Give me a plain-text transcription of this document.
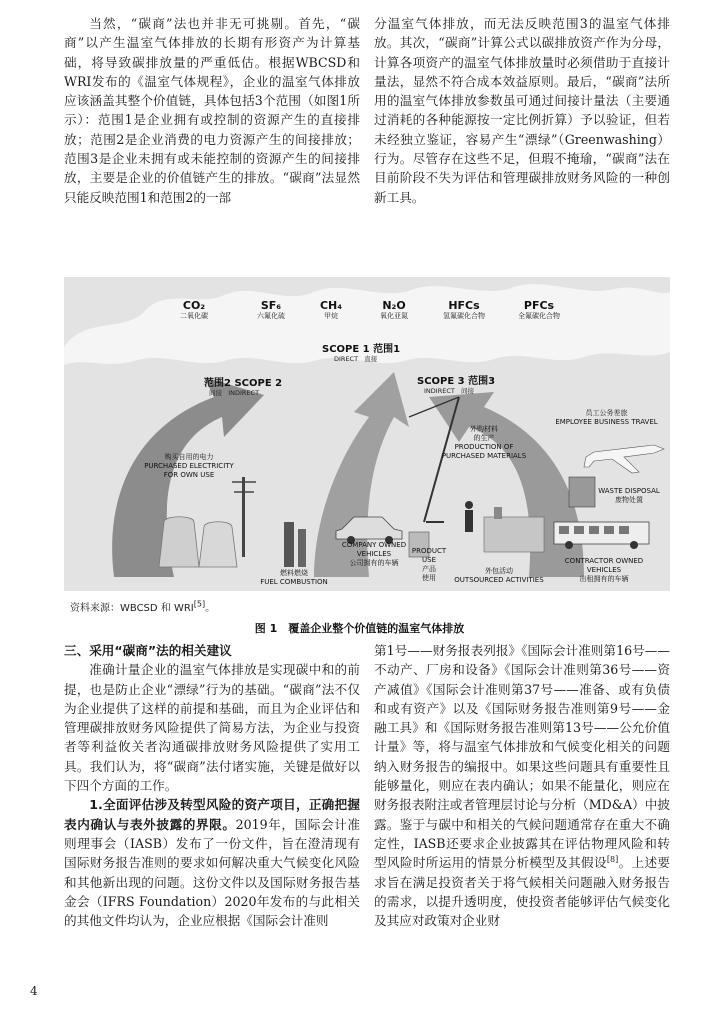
当然，“碳商”法也并非无可挑剔。首先，“碳商”以产生温室气体排放的长期有形资产为计算基础，将导致碳排放量的严重低估。根据WBCSD和WRI发布的《温室气体规程》，企业的温室气体排放应该涵盖其整个价值链，具体包括3个范围（如图1所示）：范围1是企业拥有或控制的资源产生的直接排放；范围2是企业消费的电力资源产生的间接排放；范围3是企业未拥有或未能控制的资源产生的间接排放，主要是企业的价值链产生的排放。“碳商”法显然只能反映范围1和范围2的一部

分温室气体排放，而无法反映范围3的温室气体排放。其次，“碳商”计算公式以碳排放资产作为分母，计算各项资产的温室气体排放量时必须借助于直接计量法，显然不符合成本效益原则。最后，“碳商”法所用的温室气体排放参数虽可通过间接计量法（主要通过消耗的各种能源按一定比例折算）予以验证，但若未经独立鉴证，容易产生“漂绿”（Greenwashing）行为。尽管存在这些不足，但瑕不掩瑜，“碳商”法在目前阶段不失为评估和管理碳排放财务风险的一种创新工具。

CO₂
二氧化碳
SF₆
六氟化硫
CH₄
甲烷
N₂O
氧化亚氮
HFCs
氢氟碳化合物
PFCs
全氟碳化合物
SCOPE 1 范围1
DIRECT 直接
范围2 SCOPE 2
间接 INDIRECT
SCOPE 3 范围3
INDIRECT 间接
购买自用的电力
PURCHASED ELECTRICITY
FOR OWN USE
燃料燃烧
FUEL COMBUSTION
COMPANY OWNED
VEHICLES
公司拥有的车辆
PRODUCT
USE
产品
使用
外购材料
的生产
PRODUCTION OF
PURCHASED MATERIALS
外包活动
OUTSOURCED ACTIVITIES
员工公务差旅
EMPLOYEE BUSINESS TRAVEL
WASTE DISPOSAL
废物处置
CONTRACTOR OWNED
VEHICLES
出租拥有的车辆
资料来源：WBCSD 和 WRI[5]。
图 1　覆盖企业整个价值链的温室气体排放

三、采用“碳商”法的相关建议

准确计量企业的温室气体排放是实现碳中和的前提，也是防止企业“漂绿”行为的基础。“碳商”法不仅为企业提供了这样的前提和基础，而且为企业评估和管理碳排放财务风险提供了简易方法，为企业与投资者等利益攸关者沟通碳排放财务风险提供了实用工具。我们认为，将“碳商”法付诸实施，关键是做好以下四个方面的工作。

1.全面评估涉及转型风险的资产项目，正确把握表内确认与表外披露的界限。2019年，国际会计准则理事会（IASB）发布了一份文件，旨在澄清现有国际财务报告准则的要求如何解决重大气候变化风险和其他新出现的问题。这份文件以及国际财务报告基金会（IFRS Foundation）2020年发布的与此相关的其他文件均认为，企业应根据《国际会计准则

第1号——财务报表列报》《国际会计准则第16号——不动产、厂房和设备》《国际会计准则第36号——资产减值》《国际会计准则第37号——准备、或有负债和或有资产》以及《国际财务报告准则第9号——金融工具》和《国际财务报告准则第13号——公允价值计量》等，将与温室气体排放和气候变化相关的问题纳入财务报告的编报中。如果这些问题具有重要性且能够量化，则应在表内确认；如果不能量化，则应在财务报表附注或者管理层讨论与分析（MD&A）中披露。鉴于与碳中和相关的气候问题通常存在重大不确定性，IASB还要求企业披露其在评估物理风险和转型风险时所运用的情景分析模型及其假设[8]。上述要求旨在满足投资者关于将气候相关问题融入财务报告的需求，以提升透明度，使投资者能够评估气候变化及其应对政策对企业财

4
